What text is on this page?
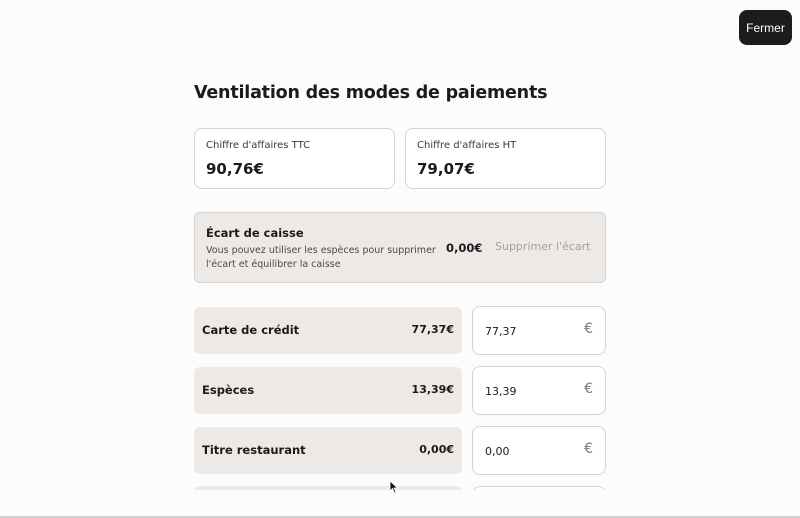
Fermer
Ventilation des modes de paiements
Chiffre d'affaires TTC
90,76€
Chiffre d'affaires HT
79,07€
Écart de caisse
Vous pouvez utiliser les espèces pour supprimer l'écart et équilibrer la caisse
0,00€ Supprimer l'écart
Carte de crédit	77,37€
77,37	€
Espèces	13,39€
13,39	€
Titre restaurant	0,00€
0,00	€
